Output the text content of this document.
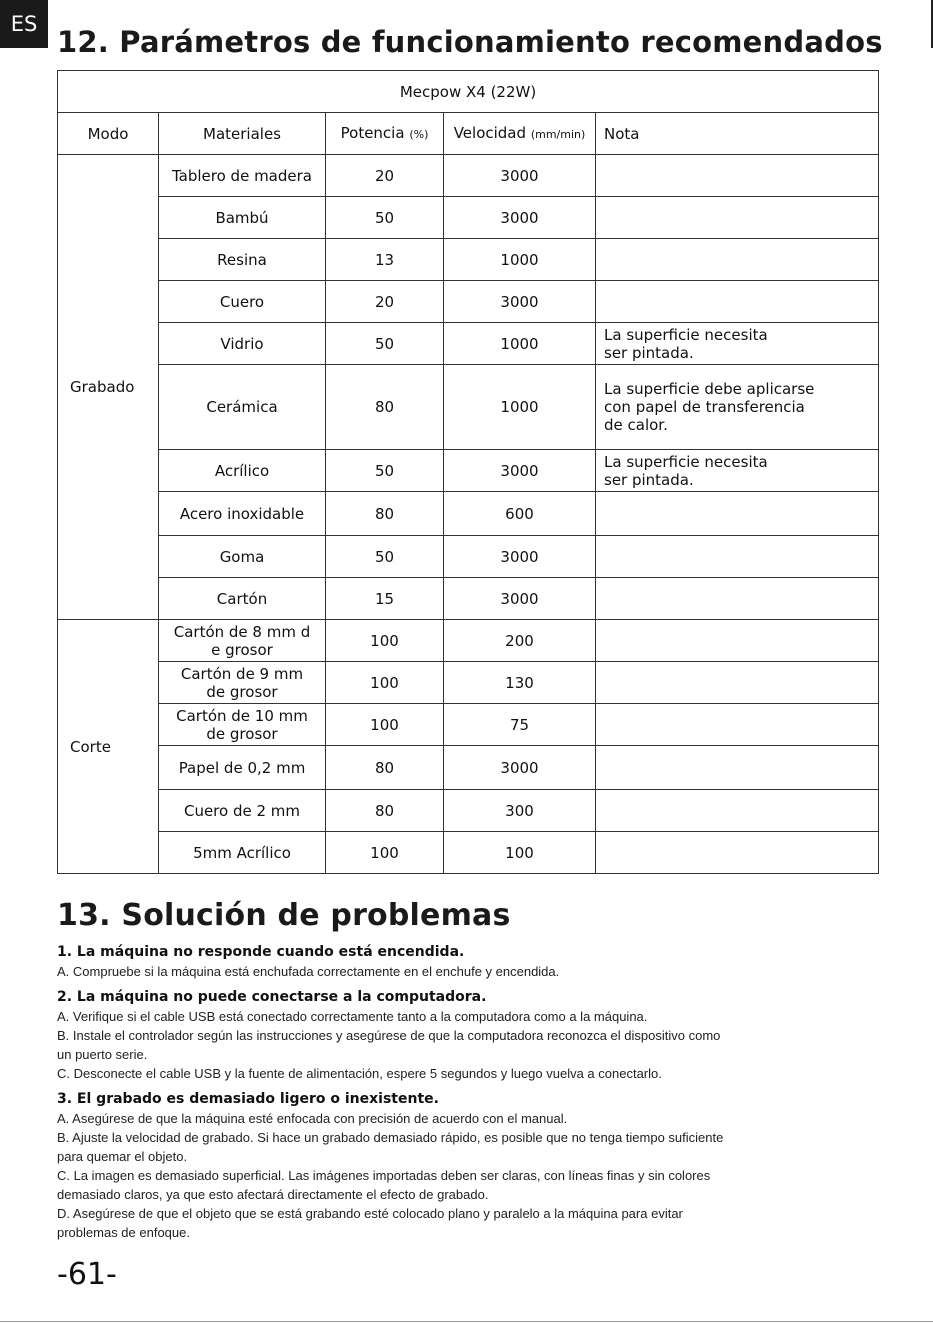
ES
12. Parámetros de funcionamiento recomendados
Mecpow X4 (22W)				
Modo	Materiales	Potencia (%)	Velocidad (mm/min)	Nota
Grabado	Tablero de madera	20	3000	
	Bambú	50	3000	
	Resina	13	1000	
	Cuero	20	3000	
	Vidrio	50	1000	La superficie necesita
ser pintada.
	Cerámica	80	1000	La superficie debe aplicarse
con papel de transferencia
de calor.
	Acrílico	50	3000	La superficie necesita
ser pintada.
	Acero inoxidable	80	600	
	Goma	50	3000	
	Cartón	15	3000	
Corte	Cartón de 8 mm d
e grosor	100	200	
	Cartón de 9 mm
de grosor	100	130	
	Cartón de 10 mm
de grosor	100	75	
	Papel de 0,2 mm	80	3000	
	Cuero de 2 mm	80	300	
	5mm Acrílico	100	100	
13. Solución de problemas

1. La máquina no responde cuando está encendida.

A. Compruebe si la máquina está enchufada correctamente en el enchufe y encendida.

2. La máquina no puede conectarse a la computadora.

A. Verifique si el cable USB está conectado correctamente tanto a la computadora como a la máquina.

B. Instale el controlador según las instrucciones y asegúrese de que la computadora reconozca el dispositivo como

un puerto serie.

C. Desconecte el cable USB y la fuente de alimentación, espere 5 segundos y luego vuelva a conectarlo.

3. El grabado es demasiado ligero o inexistente.

A. Asegúrese de que la máquina esté enfocada con precisión de acuerdo con el manual.

B. Ajuste la velocidad de grabado. Si hace un grabado demasiado rápido, es posible que no tenga tiempo suficiente

para quemar el objeto.

C. La imagen es demasiado superficial. Las imágenes importadas deben ser claras, con líneas finas y sin colores

demasiado claros, ya que esto afectará directamente el efecto de grabado.

D. Asegúrese de que el objeto que se está grabando esté colocado plano y paralelo a la máquina para evitar

problemas de enfoque.

-61-
